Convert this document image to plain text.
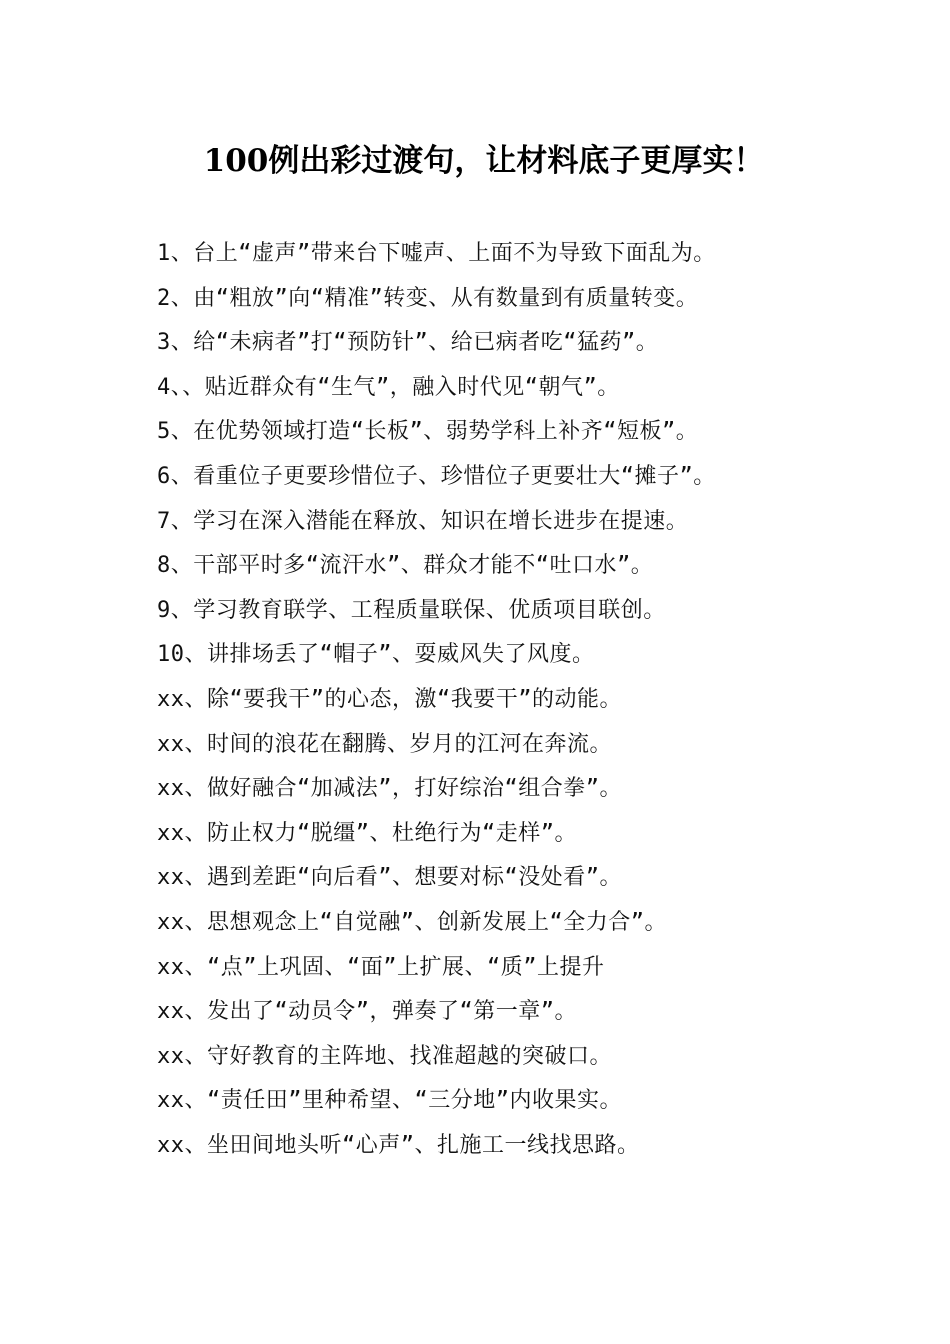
100例出彩过渡句，让材料底子更厚实！
1、台上“虚声”带来台下嘘声、上面不为导致下面乱为。
2、由“粗放”向“精准”转变、从有数量到有质量转变。
3、给“未病者”打“预防针”、给已病者吃“猛药”。
4、、贴近群众有“生气”，融入时代见“朝气”。
5、在优势领域打造“长板”、弱势学科上补齐“短板”。
6、看重位子更要珍惜位子、珍惜位子更要壮大“摊子”。
7、学习在深入潜能在释放、知识在增长进步在提速。
8、干部平时多“流汗水”、群众才能不“吐口水”。
9、学习教育联学、工程质量联保、优质项目联创。
10、讲排场丢了“帽子”、耍威风失了风度。
xx、除“要我干”的心态，激“我要干”的动能。
xx、时间的浪花在翻腾、岁月的江河在奔流。
xx、做好融合“加减法”，打好综治“组合拳”。
xx、防止权力“脱缰”、杜绝行为“走样”。
xx、遇到差距“向后看”、想要对标“没处看”。
xx、思想观念上“自觉融”、创新发展上“全力合”。
xx、“点”上巩固、“面”上扩展、“质”上提升
xx、发出了“动员令”，弹奏了“第一章”。
xx、守好教育的主阵地、找准超越的突破口。
xx、“责任田”里种希望、“三分地”内收果实。
xx、坐田间地头听“心声”、扎施工一线找思路。
